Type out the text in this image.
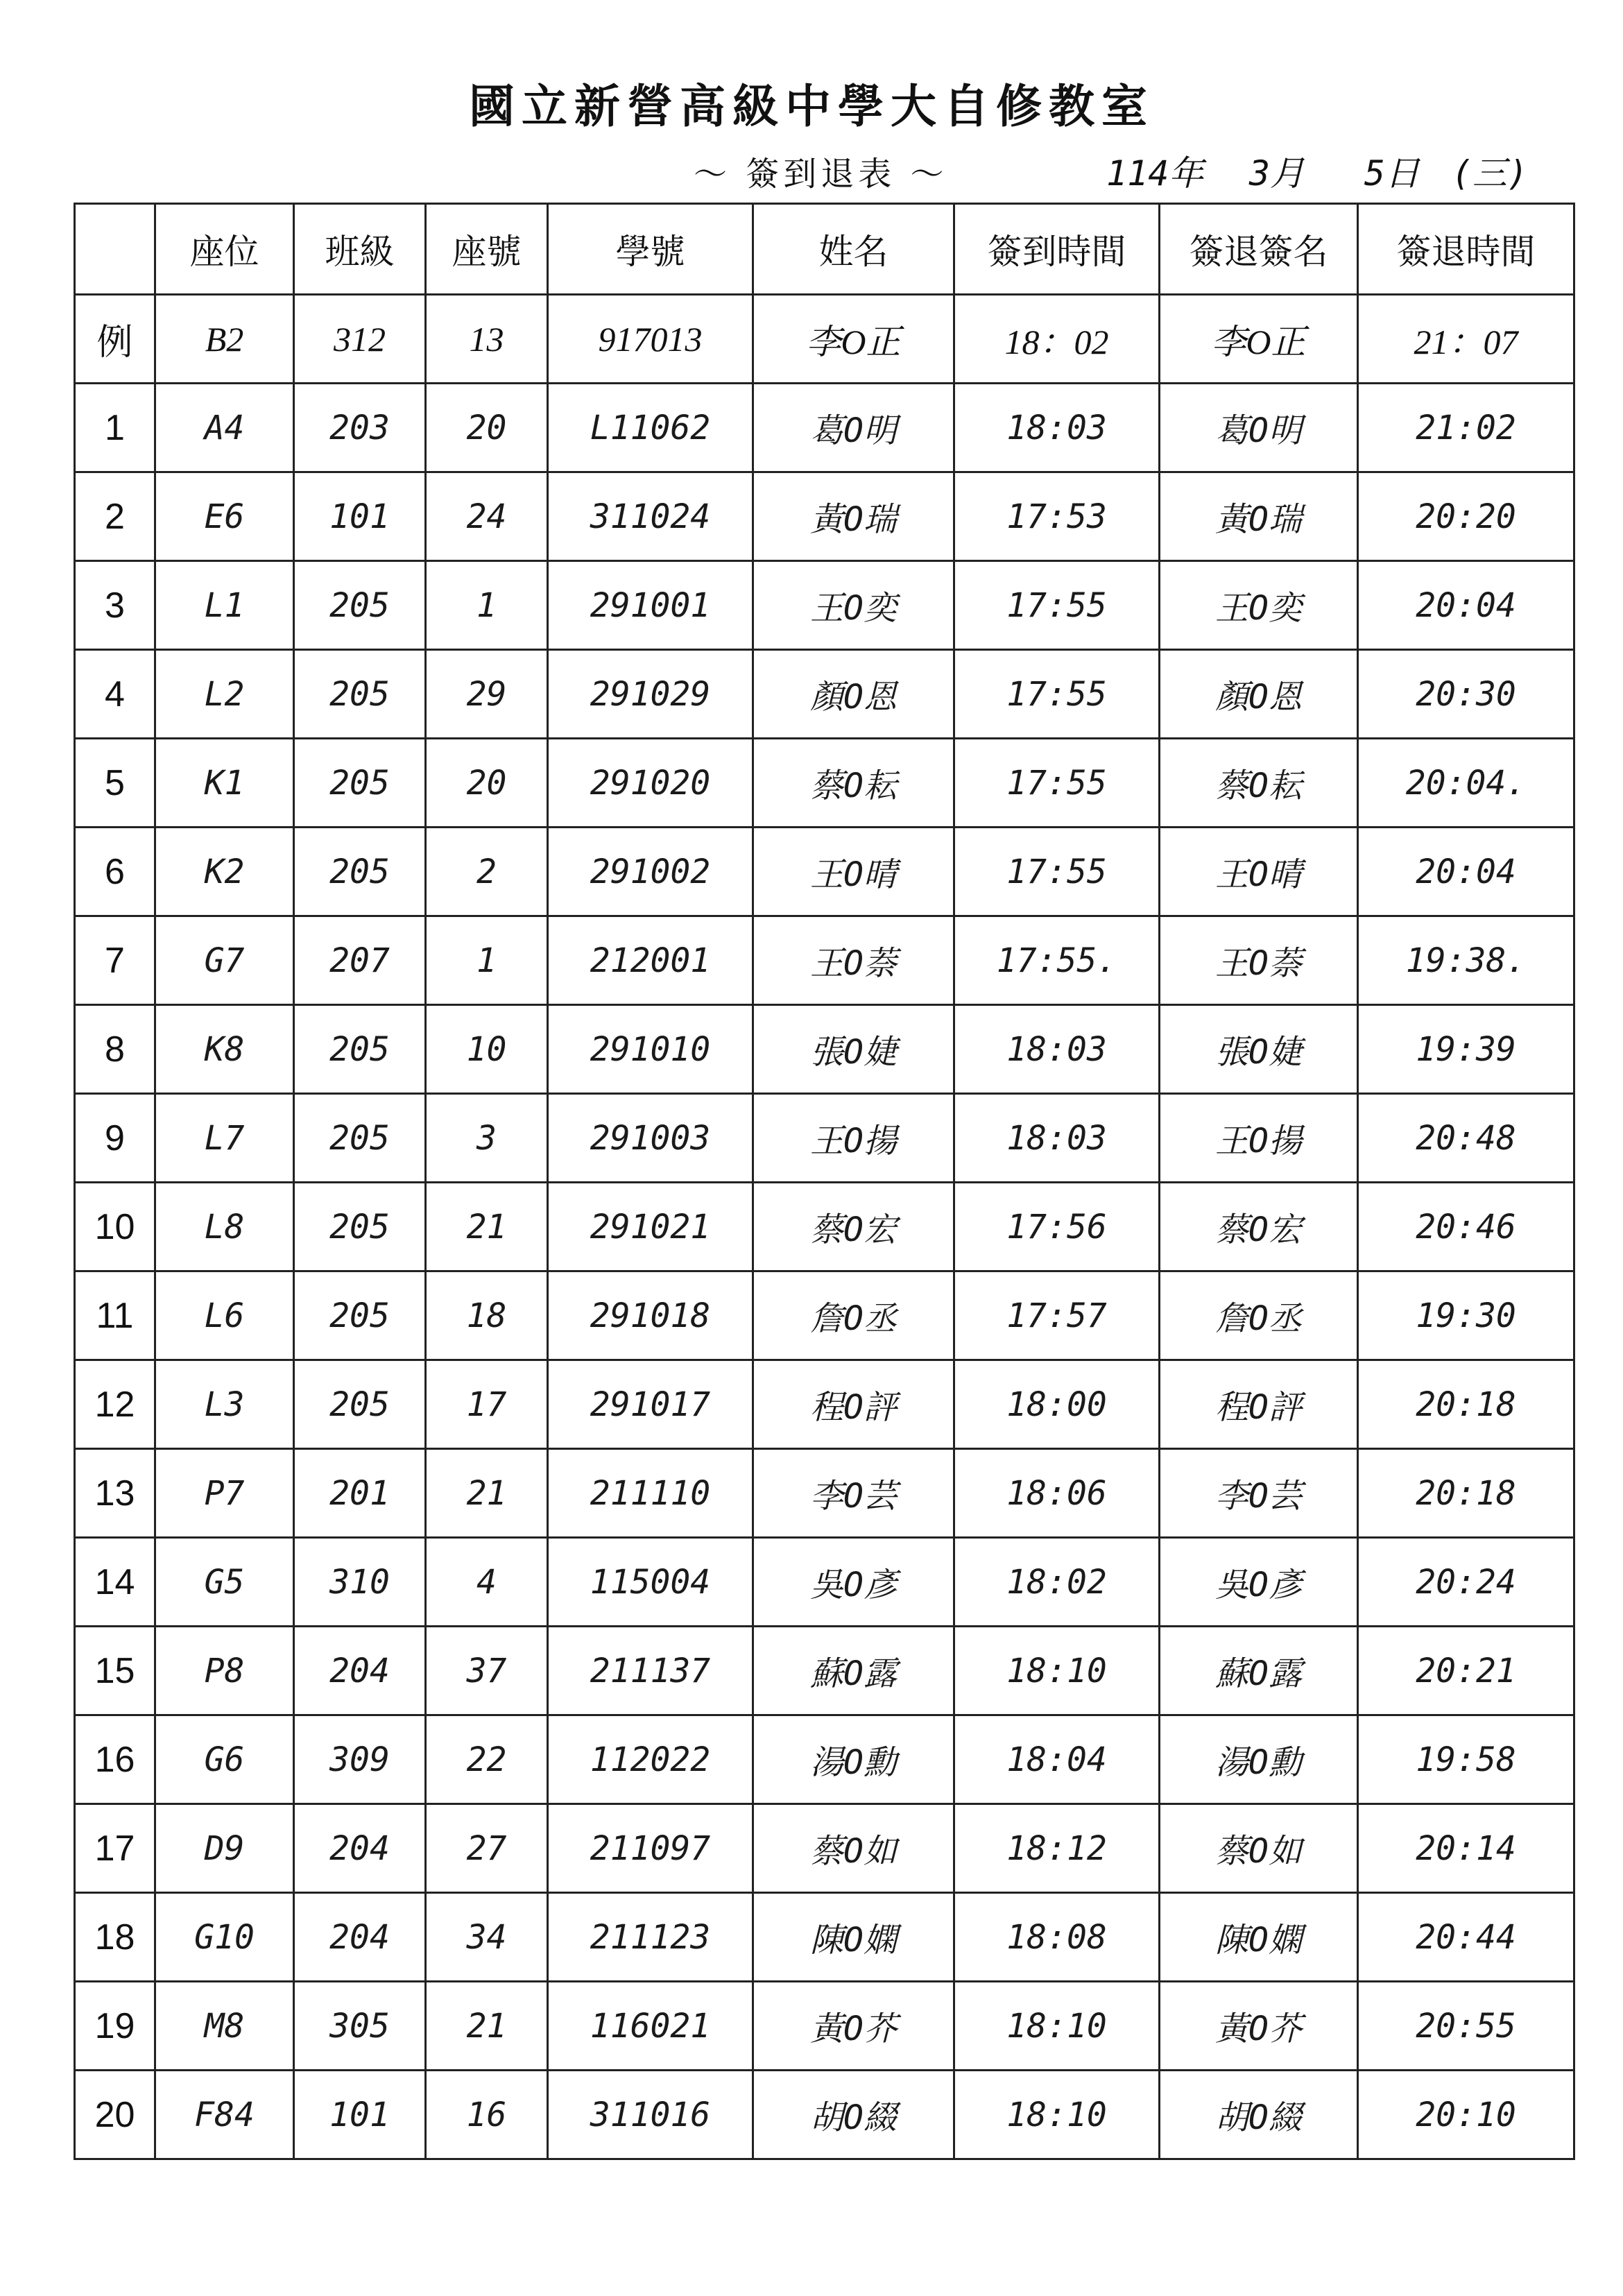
國立新營高級中學大自修教室
～ 簽到退表 ～	114年 3月 5日 (三)
	座位	班級	座號	學號	姓名	簽到時間	簽退簽名	簽退時間
例	B2	312	13	917013	李O正	18：02	李O正	21：07
1	A4	203	20	L11062	葛O明	18:03	葛O明	21:02
2	E6	101	24	311024	黃O瑞	17:53	黃O瑞	20:20
3	L1	205	1	291001	王O奕	17:55	王O奕	20:04
4	L2	205	29	291029	顏O恩	17:55	顏O恩	20:30
5	K1	205	20	291020	蔡O耘	17:55	蔡O耘	20:04.
6	K2	205	2	291002	王O晴	17:55	王O晴	20:04
7	G7	207	1	212001	王O萘	17:55.	王O萘	19:38.
8	K8	205	10	291010	張O婕	18:03	張O婕	19:39
9	L7	205	3	291003	王O揚	18:03	王O揚	20:48
10	L8	205	21	291021	蔡O宏	17:56	蔡O宏	20:46
11	L6	205	18	291018	詹O丞	17:57	詹O丞	19:30
12	L3	205	17	291017	程O評	18:00	程O評	20:18
13	P7	201	21	211110	李O芸	18:06	李O芸	20:18
14	G5	310	4	115004	吳O彥	18:02	吳O彥	20:24
15	P8	204	37	211137	蘇O露	18:10	蘇O露	20:21
16	G6	309	22	112022	湯O勳	18:04	湯O勳	19:58
17	D9	204	27	211097	蔡O如	18:12	蔡O如	20:14
18	G10	204	34	211123	陳O嫻	18:08	陳O嫻	20:44
19	M8	305	21	116021	黃O芥	18:10	黃O芥	20:55
20	F84	101	16	311016	胡O綴	18:10	胡O綴	20:10
